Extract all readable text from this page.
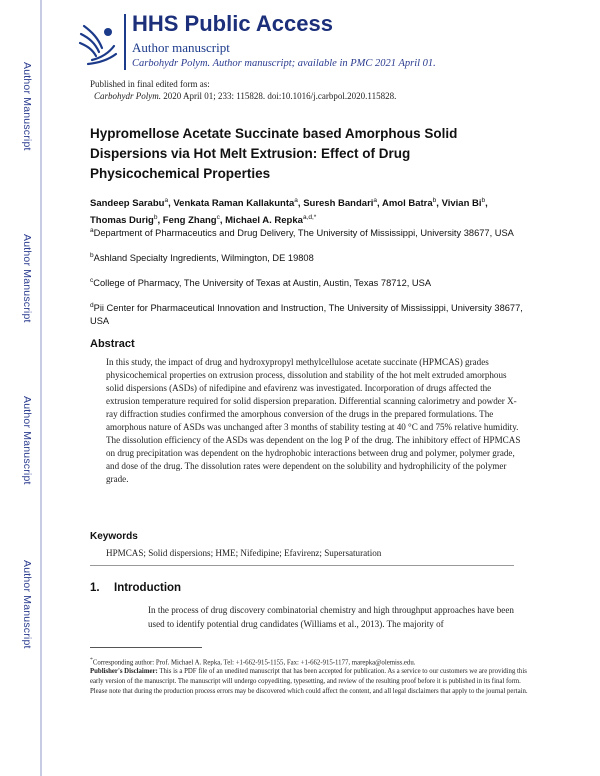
Author Manuscript
Author Manuscript
Author Manuscript
Author Manuscript
HHS Public Access
Author manuscript
Carbohydr Polym. Author manuscript; available in PMC 2021 April 01.
Published in final edited form as:
Carbohydr Polym. 2020 April 01; 233: 115828. doi:10.1016/j.carbpol.2020.115828.
Hypromellose Acetate Succinate based Amorphous Solid Dispersions via Hot Melt Extrusion: Effect of Drug Physicochemical Properties
Sandeep Sarabu$^a$, Venkata Raman Kallakunta$^a$, Suresh Bandari$^a$, Amol Batra$^b$, Vivian Bi$^b$, Thomas Durig$^b$, Feng Zhang$^c$, Michael A. Repka$^{a,d,*}$
$^a$Department of Pharmaceutics and Drug Delivery, The University of Mississippi, University 38677, USA
$^b$Ashland Specialty Ingredients, Wilmington, DE 19808
$^c$College of Pharmacy, The University of Texas at Austin, Austin, Texas 78712, USA
$^d$Pii Center for Pharmaceutical Innovation and Instruction, The University of Mississippi, University 38677, USA
Abstract
In this study, the impact of drug and hydroxypropyl methylcellulose acetate succinate (HPMCAS) grades physicochemical properties on extrusion process, dissolution and stability of the hot melt extruded amorphous solid dispersions (ASDs) of nifedipine and efavirenz was investigated. Incorporation of drugs affected the extrusion temperature required for solid dispersion preparation. Differential scanning calorimetry and powder X-ray diffraction studies confirmed the amorphous conversion of the drugs in the prepared formulations. The amorphous nature of ASDs was unchanged after 3 months of stability testing at 40 °C and 75% relative humidity. The dissolution efficiency of the ASDs was dependent on the log P of the drug. The inhibitory effect of HPMCAS on drug precipitation was dependent on the hydrophobic interactions between drug and polymer, polymer grade, and dose of the drug. The dissolution rates were dependent on the solubility and hydrophilicity of the polymer grade.
Keywords
HPMCAS; Solid dispersions; HME; Nifedipine; Efavirenz; Supersaturation
1. Introduction
In the process of drug discovery combinatorial chemistry and high throughput approaches have been used to identify potential drug candidates (Williams et al., 2013). The majority of
*Corresponding author: Prof. Michael A. Repka, Tel: +1-662-915-1155, Fax: +1-662-915-1177, marepka@olemiss.edu.
Publisher's Disclaimer: This is a PDF file of an unedited manuscript that has been accepted for publication. As a service to our customers we are providing this early version of the manuscript. The manuscript will undergo copyediting, typesetting, and review of the resulting proof before it is published in its final form. Please note that during the production process errors may be discovered which could affect the content, and all legal disclaimers that apply to the journal pertain.
